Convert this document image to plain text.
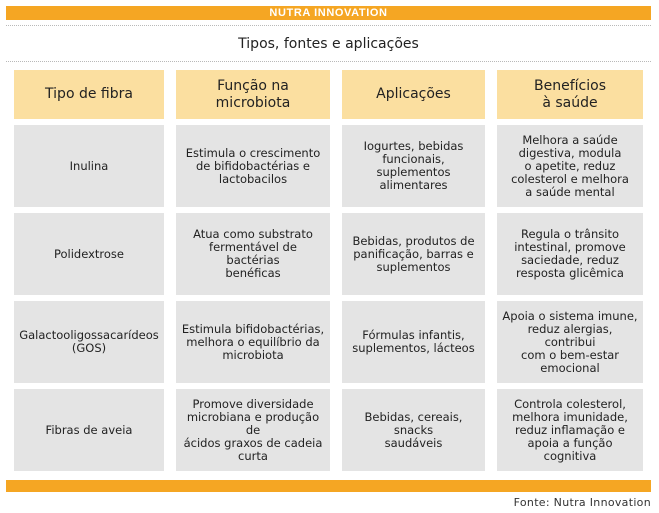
NUTRA INNOVATION
Tipos, fontes e aplicações
Tipo de fibra
Função na
microbiota
Aplicações
Benefícios
à saúde
Inulina
Estimula o crescimento
de bifidobactérias e
lactobacilos
Iogurtes, bebidas
funcionais,
suplementos
alimentares
Melhora a saúde
digestiva, modula
o apetite, reduz
colesterol e melhora
a saúde mental
Polidextrose
Atua como substrato
fermentável de bactérias
benéficas
Bebidas, produtos de
panificação, barras e
suplementos
Regula o trânsito
intestinal, promove
saciedade, reduz
resposta glicêmica
Galactooligossacarídeos
(GOS)
Estimula bifidobactérias,
melhora o equilíbrio da
microbiota
Fórmulas infantis,
suplementos, lácteos
Apoia o sistema imune,
reduz alergias, contribui
com o bem-estar
emocional
Fibras de aveia
Promove diversidade
microbiana e produção de
ácidos graxos de cadeia
curta
Bebidas, cereais, snacks
saudáveis
Controla colesterol,
melhora imunidade,
reduz inflamação e
apoia a função cognitiva
Fonte: Nutra Innovation
